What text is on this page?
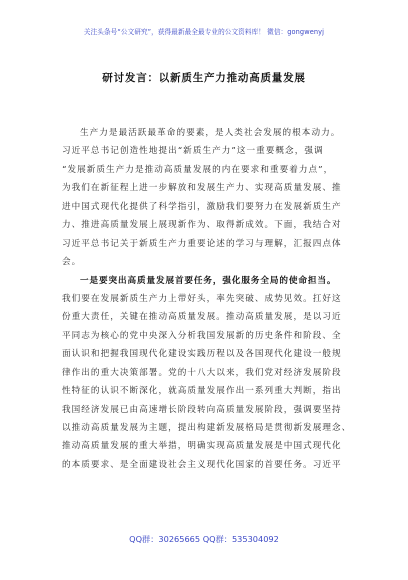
关注头条号“公文研究”，获得最新最全最专业的公文资料库！ 微信：gongwenyj
研讨发言：以新质生产力推动高质量发展
生产力是最活跃最革命的要素，是人类社会发展的根本动力。
习近平总书记创造性地提出“新质生产力”这一重要概念，强调
“发展新质生产力是推动高质量发展的内在要求和重要着力点”，
为我们在新征程上进一步解放和发展生产力、实现高质量发展、推
进中国式现代化提供了科学指引，激励我们要努力在发展新质生产
力、推进高质量发展上展现新作为、取得新成效。下面，我结合对
习近平总书记关于新质生产力重要论述的学习与理解，汇报四点体
会。
一是要突出高质量发展首要任务，强化服务全局的使命担当。
我们要在发展新质生产力上带好头，率先突破、成势见效。扛好这
份重大责任，关键在推动高质量发展。推动高质量发展，是以习近
平同志为核心的党中央深入分析我国发展新的历史条件和阶段、全
面认识和把握我国现代化建设实践历程以及各国现代化建设一般规
律作出的重大决策部署。党的十八大以来，我们党对经济发展阶段
性特征的认识不断深化，就高质量发展作出一系列重大判断，指出
我国经济发展已由高速增长阶段转向高质量发展阶段，强调要坚持
以推动高质量发展为主题，提出构建新发展格局是贯彻新发展理念、
推动高质量发展的重大举措，明确实现高质量发展是中国式现代化
的本质要求、是全面建设社会主义现代化国家的首要任务。习近平
QQ群：30265665 QQ群：535304092
